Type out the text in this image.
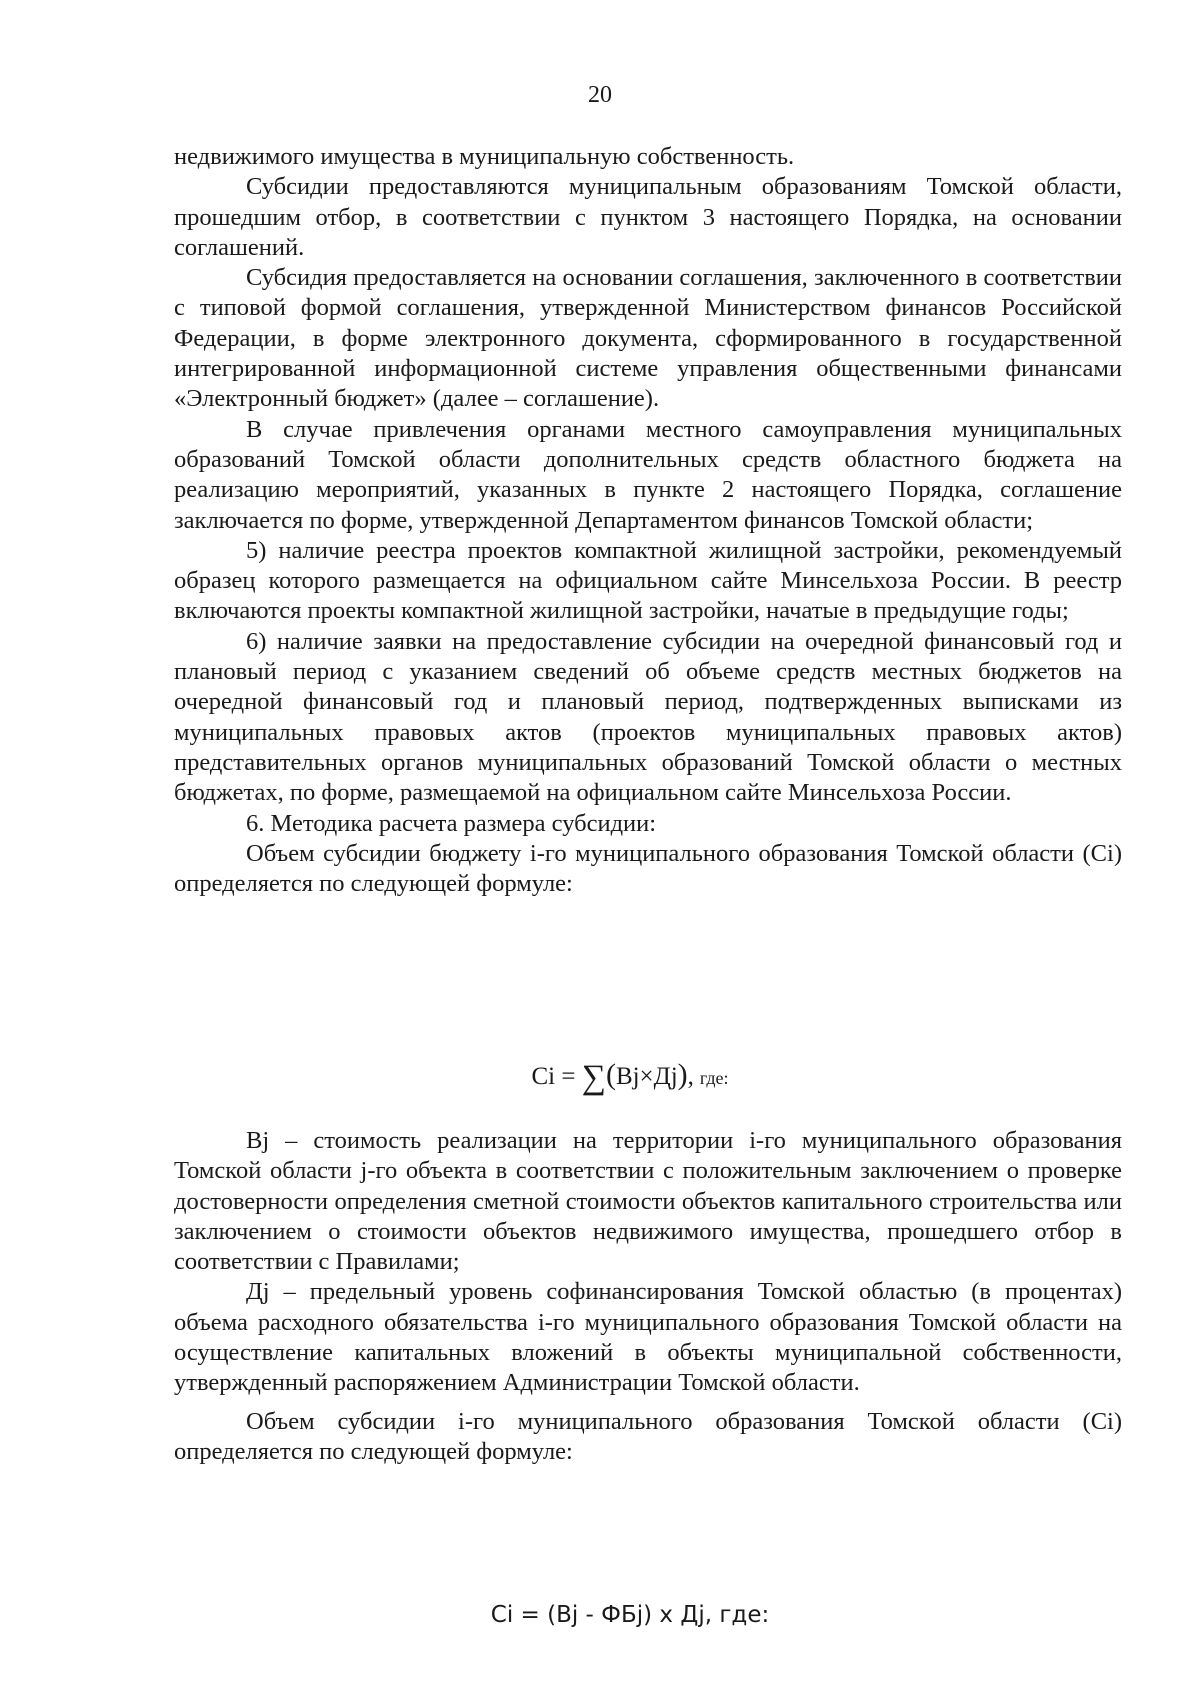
20

недвижимого имущества в муниципальную собственность.

Субсидии предоставляются муниципальным образованиям Томской области, прошедшим отбор, в соответствии с пунктом 3 настоящего Порядка, на основании соглашений.

Субсидия предоставляется на основании соглашения, заключенного в соответствии с типовой формой соглашения, утвержденной Министерством финансов Российской Федерации, в форме электронного документа, сформированного в государственной интегрированной информационной системе управления общественными финансами «Электронный бюджет» (далее – соглашение).

В случае привлечения органами местного самоуправления муниципальных образований Томской области дополнительных средств областного бюджета на реализацию мероприятий, указанных в пункте 2 настоящего Порядка, соглашение заключается по форме, утвержденной Департаментом финансов Томской области;

5) наличие реестра проектов компактной жилищной застройки, рекомендуемый образец которого размещается на официальном сайте Минсельхоза России. В реестр включаются проекты компактной жилищной застройки, начатые в предыдущие годы;

6) наличие заявки на предоставление субсидии на очередной финансовый год и плановый период с указанием сведений об объеме средств местных бюджетов на очередной финансовый год и плановый период, подтвержденных выписками из муниципальных правовых актов (проектов муниципальных правовых актов) представительных органов муниципальных образований Томской области о местных бюджетах, по форме, размещаемой на официальном сайте Минсельхоза России.

6. Методика расчета размера субсидии:

Объем субсидии бюджету i-го муниципального образования Томской области (Ci) определяется по следующей формуле:

Ci = ∑(Bj×Дj), где:

Bj – стоимость реализации на территории i-го муниципального образования Томской области j-го объекта в соответствии с положительным заключением о проверке достоверности определения сметной стоимости объектов капитального строительства или заключением о стоимости объектов недвижимого имущества, прошедшего отбор в соответствии с Правилами;

Дj – предельный уровень софинансирования Томской областью (в процентах) объема расходного обязательства i-го муниципального образования Томской области на осуществление капитальных вложений в объекты муниципальной собственности, утвержденный распоряжением Администрации Томской области.

Объем субсидии i-го муниципального образования Томской области (Ci) определяется по следующей формуле:

Ci = (Bj - ФБj) x Дj, где:
